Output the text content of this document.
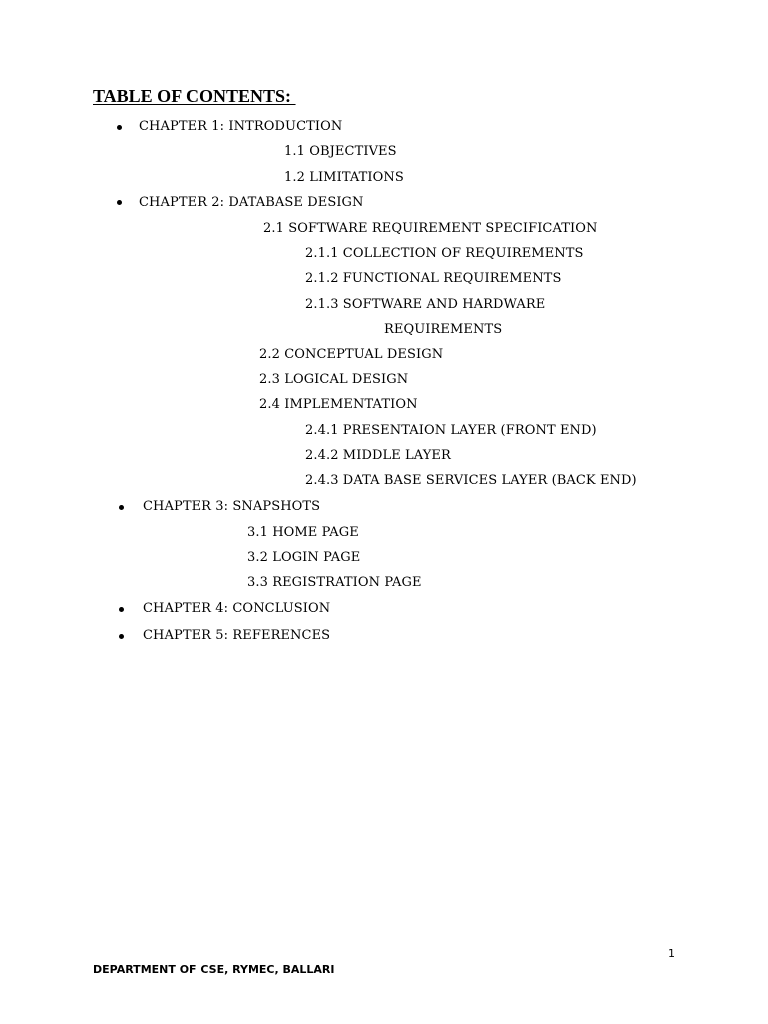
TABLE OF CONTENTS:
CHAPTER 1: INTRODUCTION
1.1 OBJECTIVES
1.2 LIMITATIONS
CHAPTER 2: DATABASE DESIGN
2.1 SOFTWARE REQUIREMENT SPECIFICATION
2.1.1 COLLECTION OF REQUIREMENTS
2.1.2 FUNCTIONAL REQUIREMENTS
2.1.3 SOFTWARE AND HARDWARE
REQUIREMENTS
2.2 CONCEPTUAL DESIGN
2.3 LOGICAL DESIGN
2.4 IMPLEMENTATION
2.4.1 PRESENTAION LAYER (FRONT END)
2.4.2 MIDDLE LAYER
2.4.3 DATA BASE SERVICES LAYER (BACK END)
CHAPTER 3: SNAPSHOTS
3.1 HOME PAGE
3.2 LOGIN PAGE
3.3 REGISTRATION PAGE
CHAPTER 4: CONCLUSION
CHAPTER 5: REFERENCES
1
DEPARTMENT OF CSE, RYMEC, BALLARI
